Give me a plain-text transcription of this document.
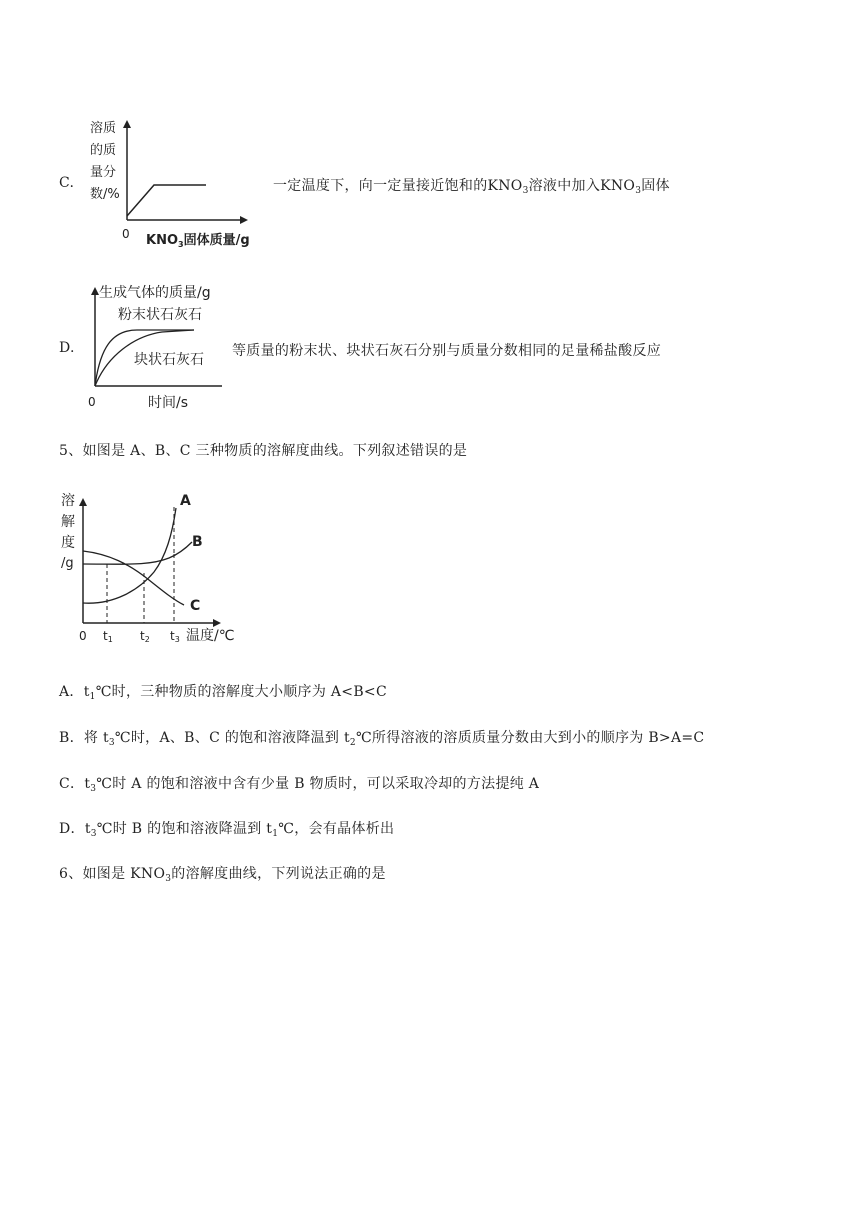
C.
溶质
的质
量分
数/%
0 $KNO_3$固体质量/g
一定温度下，向一定量接近饱和的$KNO_3$溶液中加入$KNO_3$固体
D.
生成气体的质量/g
粉末状石灰石
块状石灰石
0	时间/s
等质量的粉末状、块状石灰石分别与质量分数相同的足量稀盐酸反应
5、如图是 A、B、C 三种物质的溶解度曲线。下列叙述错误的是
溶
解
度
/g
A
B
C
0 t1 t2 t3 温度/℃
A．$t_1℃$时，三种物质的溶解度大小顺序为 A<B<C
B．将 $t_3℃$时，A、B、C 的饱和溶液降温到 $t_2℃$所得溶液的溶质质量分数由大到小的顺序为 B>A=C
C．$t_3℃$时 A 的饱和溶液中含有少量 B 物质时，可以采取冷却的方法提纯 A
D．$t_3℃$时 B 的饱和溶液降温到 $t_1℃$，会有晶体析出
6、如图是 $KNO_3$的溶解度曲线，下列说法正确的是
